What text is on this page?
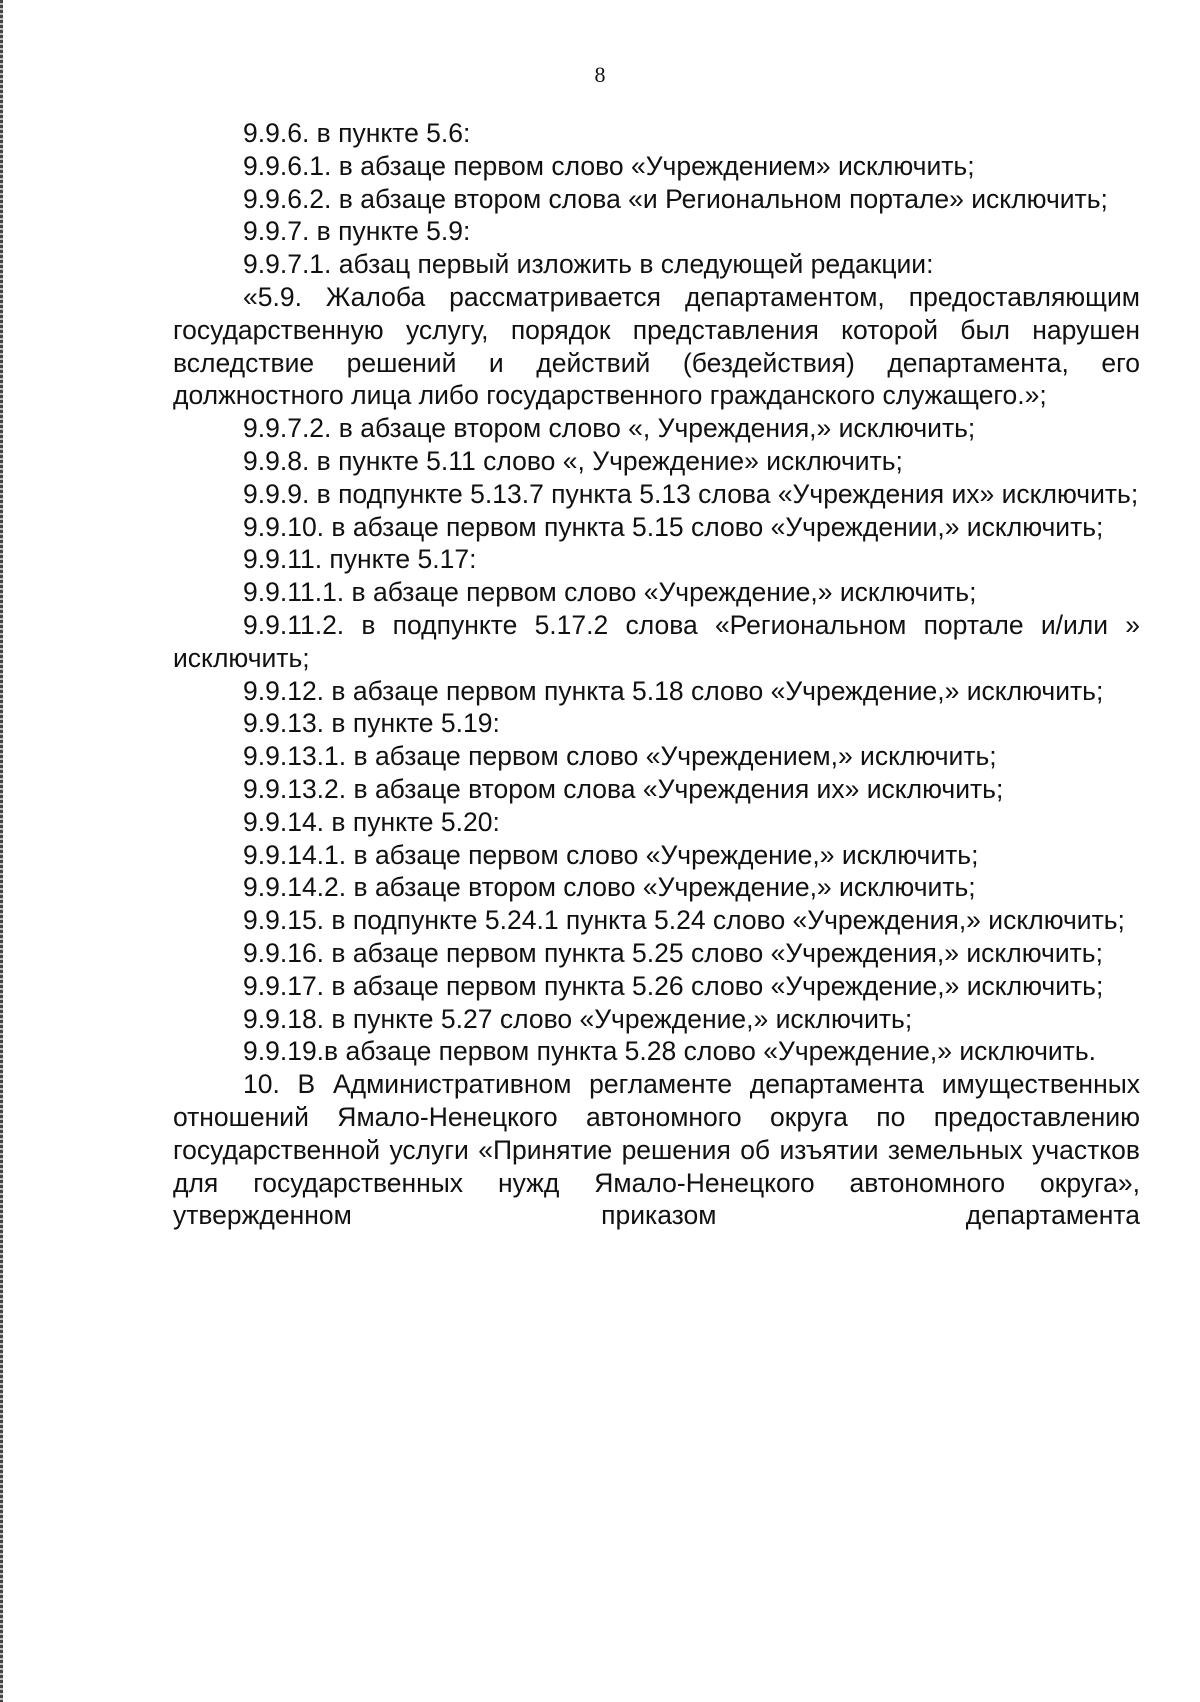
8

9.9.6. в пункте 5.6:

9.9.6.1. в абзаце первом слово «Учреждением» исключить;

9.9.6.2. в абзаце втором слова «и Региональном портале» исключить;

9.9.7. в пункте 5.9:

9.9.7.1. абзац первый изложить в следующей редакции:

«5.9. Жалоба рассматривается департаментом, предоставляющим государственную услугу, порядок представления которой был нарушен вследствие решений и действий (бездействия) департамента, его должностного лица либо государственного гражданского служащего.»;

9.9.7.2. в абзаце втором слово «, Учреждения,» исключить;

9.9.8. в пункте 5.11 слово «, Учреждение» исключить;

9.9.9. в подпункте 5.13.7 пункта 5.13 слова «Учреждения их» исключить;

9.9.10. в абзаце первом пункта 5.15 слово «Учреждении,» исключить;

9.9.11. пункте 5.17:

9.9.11.1. в абзаце первом слово «Учреждение,» исключить;

9.9.11.2. в подпункте 5.17.2 слова «Региональном портале и/или » исключить;

9.9.12. в абзаце первом пункта 5.18 слово «Учреждение,» исключить;

9.9.13. в пункте 5.19:

9.9.13.1. в абзаце первом слово «Учреждением,» исключить;

9.9.13.2. в абзаце втором слова «Учреждения их» исключить;

9.9.14. в пункте 5.20:

9.9.14.1. в абзаце первом слово «Учреждение,» исключить;

9.9.14.2. в абзаце втором слово «Учреждение,» исключить;

9.9.15. в подпункте 5.24.1 пункта 5.24 слово «Учреждения,» исключить;

9.9.16. в абзаце первом пункта 5.25 слово «Учреждения,» исключить;

9.9.17. в абзаце первом пункта 5.26 слово «Учреждение,» исключить;

9.9.18. в пункте 5.27 слово «Учреждение,» исключить;

9.9.19.в абзаце первом пункта 5.28 слово «Учреждение,» исключить.

10. В Административном регламенте департамента имущественных отношений Ямало-Ненецкого автономного округа по предоставлению государственной услуги «Принятие решения об изъятии земельных участков для государственных нужд Ямало-Ненецкого автономного округа», утвержденном приказом департамента
